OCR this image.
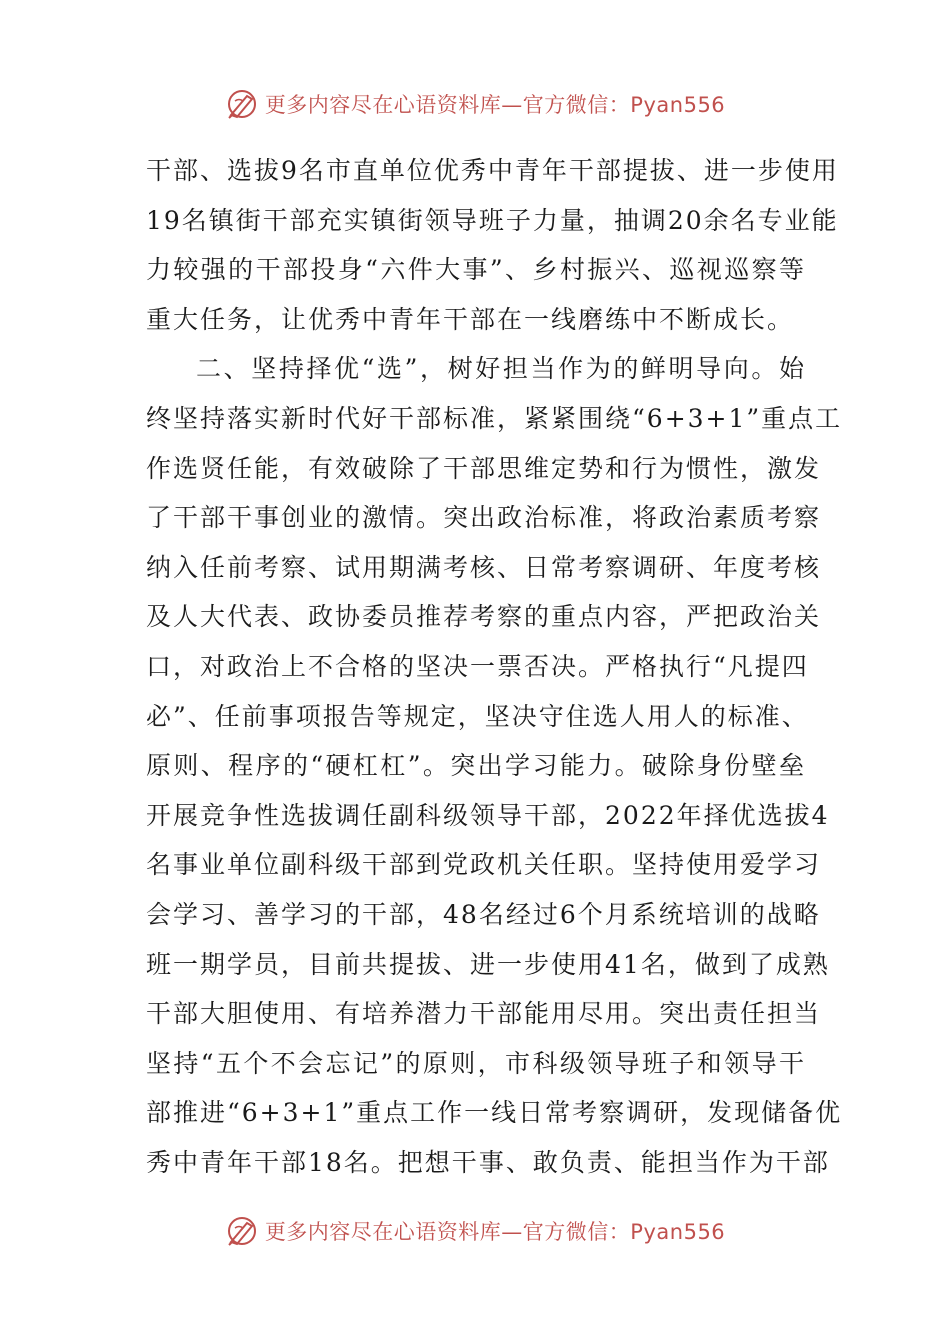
更多内容尽在心语资料库—官方微信：Pyan556
干部、选拔9名市直单位优秀中青年干部提拔、进一步使用
19名镇街干部充实镇街领导班子力量，抽调20余名专业能
力较强的干部投身“六件大事”、乡村振兴、巡视巡察等
重大任务，让优秀中青年干部在一线磨练中不断成长。
二、坚持择优“选”，树好担当作为的鲜明导向。始
终坚持落实新时代好干部标准，紧紧围绕“6+3+1”重点工
作选贤任能，有效破除了干部思维定势和行为惯性，激发
了干部干事创业的激情。突出政治标准，将政治素质考察
纳入任前考察、试用期满考核、日常考察调研、年度考核
及人大代表、政协委员推荐考察的重点内容，严把政治关
口，对政治上不合格的坚决一票否决。严格执行“凡提四
必”、任前事项报告等规定，坚决守住选人用人的标准、
原则、程序的“硬杠杠”。突出学习能力。破除身份壁垒
开展竞争性选拔调任副科级领导干部，2022年择优选拔4
名事业单位副科级干部到党政机关任职。坚持使用爱学习
会学习、善学习的干部，48名经过6个月系统培训的战略
班一期学员，目前共提拔、进一步使用41名，做到了成熟
干部大胆使用、有培养潜力干部能用尽用。突出责任担当
坚持“五个不会忘记”的原则，市科级领导班子和领导干
部推进“6+3+1”重点工作一线日常考察调研，发现储备优
秀中青年干部18名。把想干事、敢负责、能担当作为干部
更多内容尽在心语资料库—官方微信：Pyan556
